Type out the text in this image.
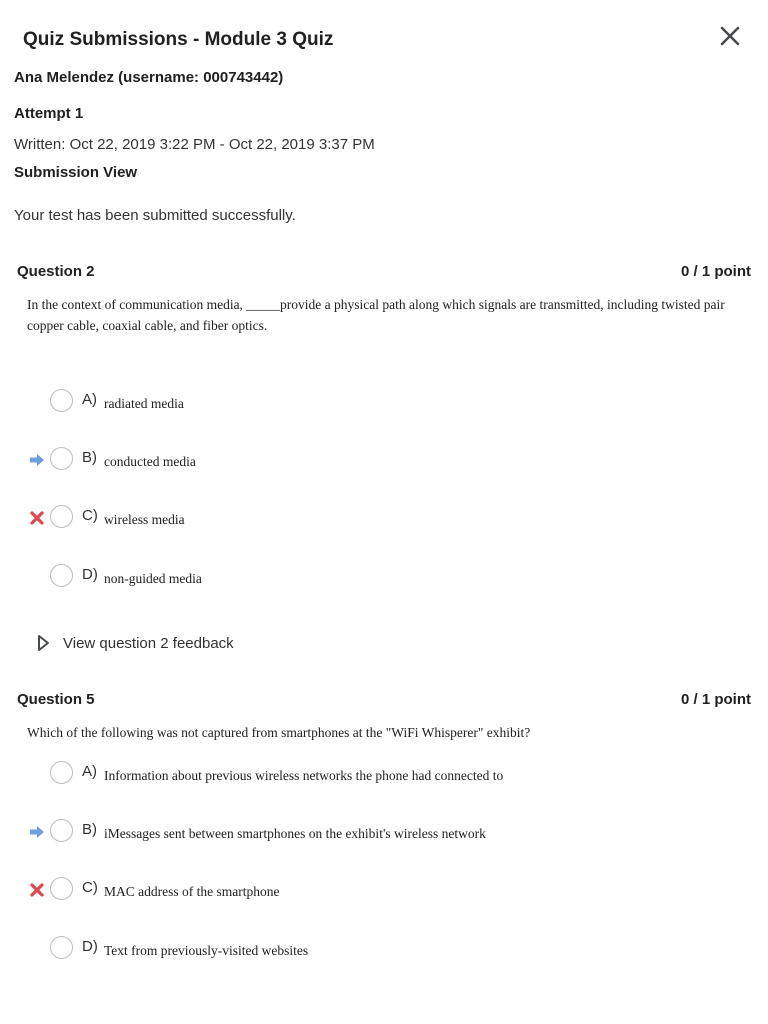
Quiz Submissions - Module 3 Quiz
Ana Melendez (username: 000743442)
Attempt 1
Written: Oct 22, 2019 3:22 PM - Oct 22, 2019 3:37 PM
Submission View
Your test has been submitted successfully.
Question 2	0 / 1 point
In the context of communication media, _____provide a physical path along which signals are transmitted, including twisted pair copper cable, coaxial cable, and fiber optics.
A) radiated media
B) conducted media
C) wireless media
D) non-guided media
View question 2 feedback
Question 5	0 / 1 point
Which of the following was not captured from smartphones at the "WiFi Whisperer" exhibit?
A) Information about previous wireless networks the phone had connected to
B) iMessages sent between smartphones on the exhibit's wireless network
C) MAC address of the smartphone
D) Text from previously-visited websites
